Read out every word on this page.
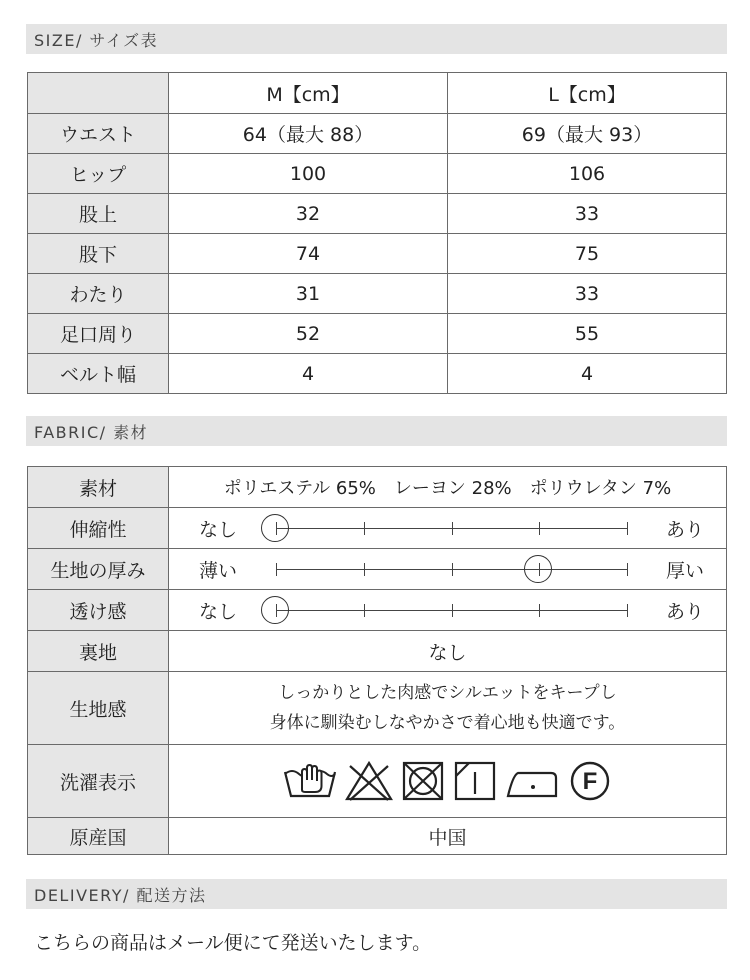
SIZE/ サイズ表
	M【cm】	L【cm】
ウエスト	64（最大 88）	69（最大 93）
ヒップ	100	106
股上	32	33
股下	74	75
わたり	31	33
足口周り	52	55
ベルト幅	4	4
FABRIC/ 素材
素材	ポリエステル 65%　レーヨン 28%　ポリウレタン 7%
伸縮性	なし あり

生地の厚み	薄い 厚い

透け感	なし あり

裏地	なし
生地感	しっかりとした肉感でシルエットをキープし
身体に馴染むしなやかさで着心地も快適です。

洗濯表示	F

原産国	中国
DELIVERY/ 配送方法
こちらの商品はメール便にて発送いたします。
